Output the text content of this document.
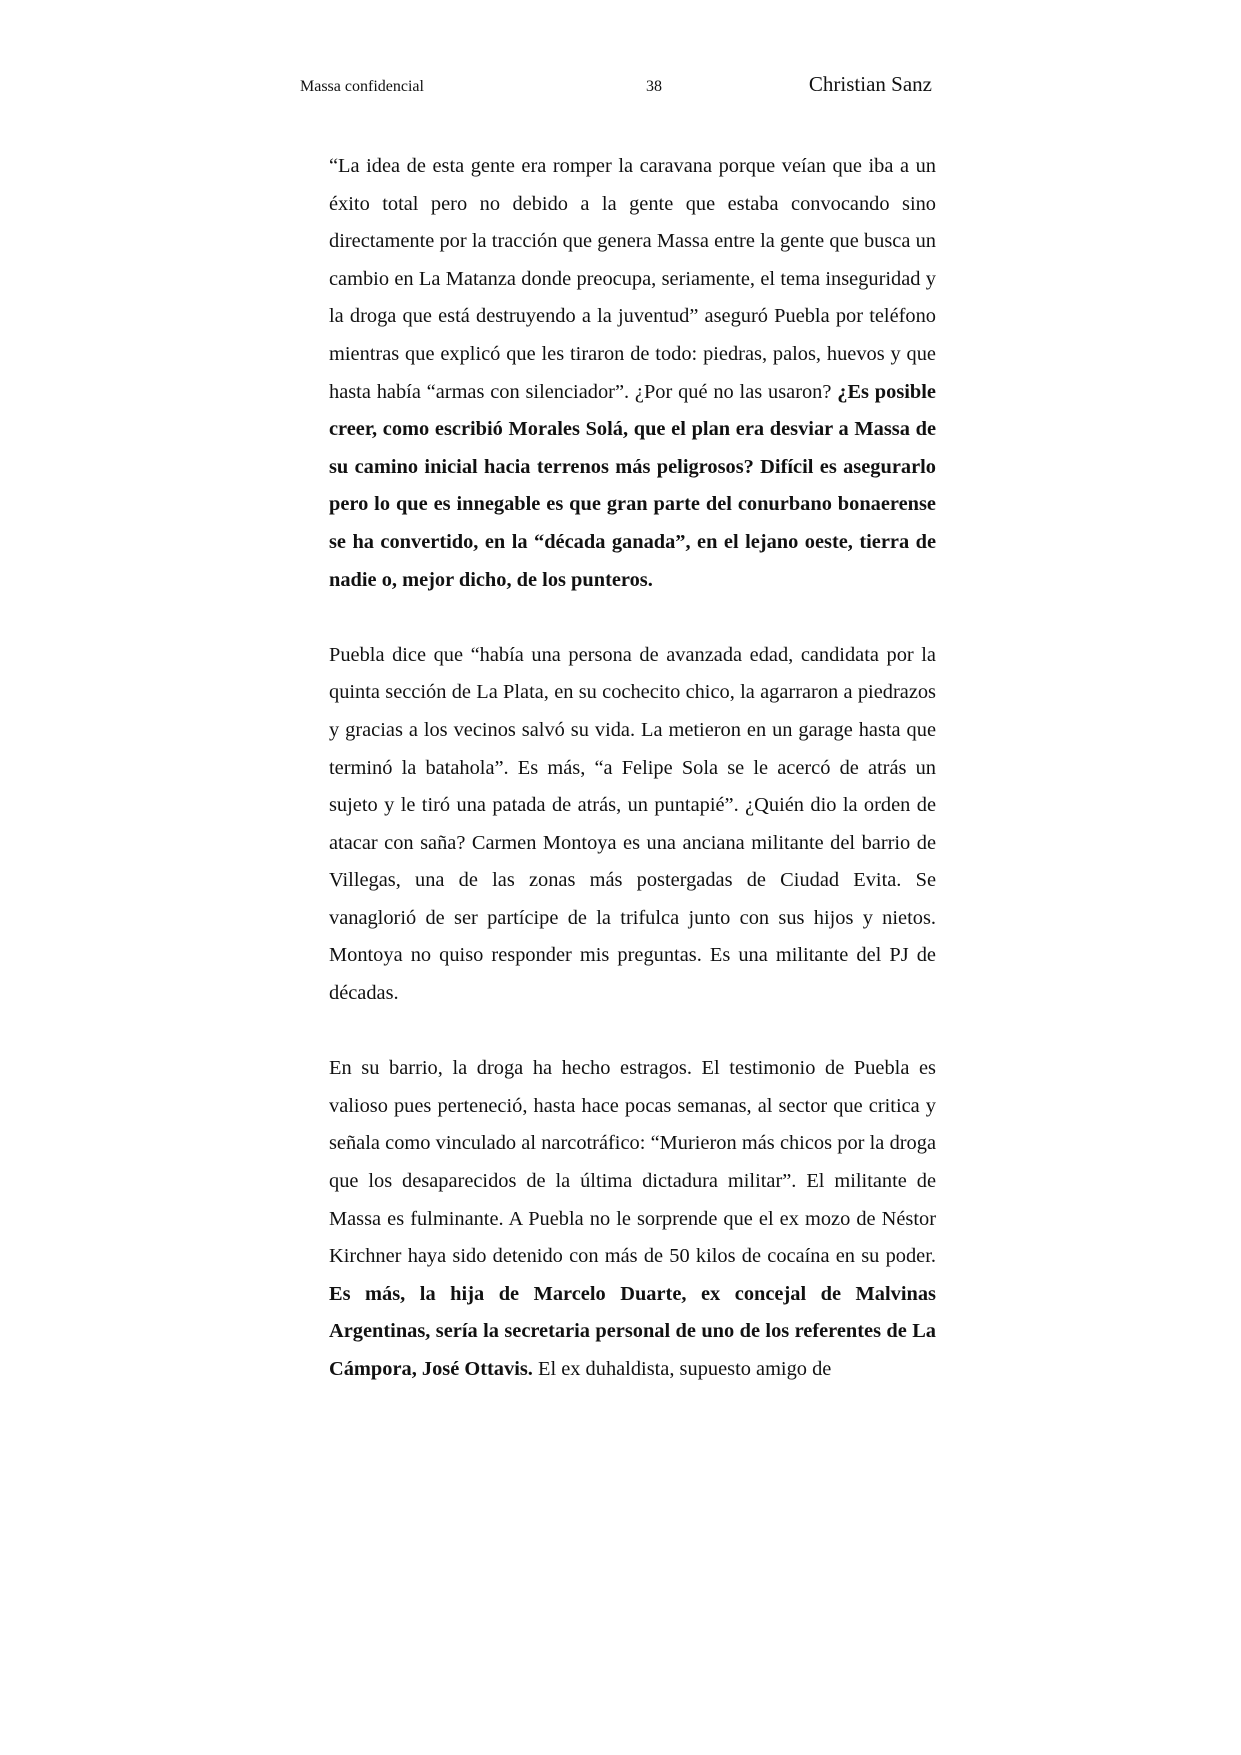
Massa confidencial	38	Christian Sanz

“La idea de esta gente era romper la caravana porque veían que iba a un éxito total pero no debido a la gente que estaba convocando sino directamente por la tracción que genera Massa entre la gente que busca un cambio en La Matanza donde preocupa, seriamente, el tema inseguridad y la droga que está destruyendo a la juventud” aseguró Puebla por teléfono mientras que explicó que les tiraron de todo: piedras, palos, huevos y que hasta había “armas con silenciador”. ¿Por qué no las usaron? ¿Es posible creer, como escribió Morales Solá, que el plan era desviar a Massa de su camino inicial hacia terrenos más peligrosos? Difícil es asegurarlo pero lo que es innegable es que gran parte del conurbano bonaerense se ha convertido, en la “década ganada”, en el lejano oeste, tierra de nadie o, mejor dicho, de los punteros.

Puebla dice que “había una persona de avanzada edad, candidata por la quinta sección de La Plata, en su cochecito chico, la agarraron a piedrazos y gracias a los vecinos salvó su vida. La metieron en un garage hasta que terminó la batahola”. Es más, “a Felipe Sola se le acercó de atrás un sujeto y le tiró una patada de atrás, un puntapié”. ¿Quién dio la orden de atacar con saña? Carmen Montoya es una anciana militante del barrio de Villegas, una de las zonas más postergadas de Ciudad Evita. Se vanaglorió de ser partícipe de la trifulca junto con sus hijos y nietos. Montoya no quiso responder mis preguntas. Es una militante del PJ de décadas.

En su barrio, la droga ha hecho estragos. El testimonio de Puebla es valioso pues perteneció, hasta hace pocas semanas, al sector que critica y señala como vinculado al narcotráfico: “Murieron más chicos por la droga que los desaparecidos de la última dictadura militar”. El militante de Massa es fulminante. A Puebla no le sorprende que el ex mozo de Néstor Kirchner haya sido detenido con más de 50 kilos de cocaína en su poder. Es más, la hija de Marcelo Duarte, ex concejal de Malvinas Argentinas, sería la secretaria personal de uno de los referentes de La Cámpora, José Ottavis. El ex duhaldista, supuesto amigo de
